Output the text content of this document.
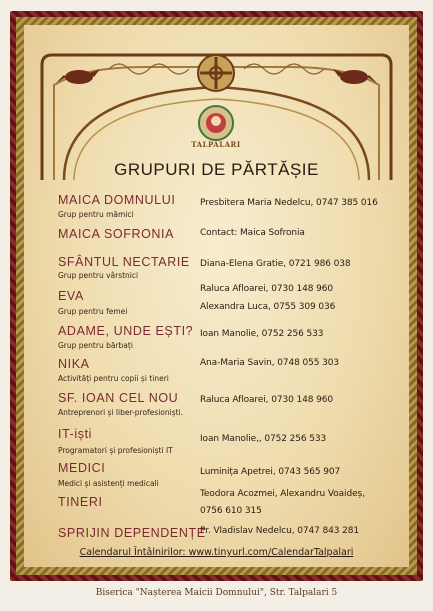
TALPALARI
GRUPURI DE PĂRTĂȘIE
MAICA DOMNULUI
Grup pentru mămici
Presbitera Maria Nedelcu, 0747 385 016
MAICA SOFRONIA	Contact: Maica Sofronia
SFÂNTUL NECTARIE
Grup pentru vârstnici
Diana-Elena Gratie, 0721 986 038
EVA
Grup pentru femei
Raluca Afloarei, 0730 148 960
Alexandra Luca, 0755 309 036
ADAME, UNDE EȘTI?
Grup pentru bărbați
Ioan Manolie, 0752 256 533
NIKA
Activități pentru copii și tineri
Ana-Maria Savin, 0748 055 303
SF. IOAN CEL NOU
Antreprenori și liber-profesioniști.
Raluca Afloarei, 0730 148 960
IT-iști
Programatori și profesioniști IT
Ioan Manolie,, 0752 256 533
MEDICI
Medici și asistenți medicali
Luminița Apetrei, 0743 565 907
TINERI
Teodora Acozmei, Alexandru Voaideș,
0756 610 315
SPRIJIN DEPENDENȚE
Pr. Vladislav Nedelcu, 0747 843 281
Calendarul Întâlnirilor: www.tinyurl.com/CalendarTalpalari
Biserica "Nașterea Maicii Domnului", Str. Talpalari 5
